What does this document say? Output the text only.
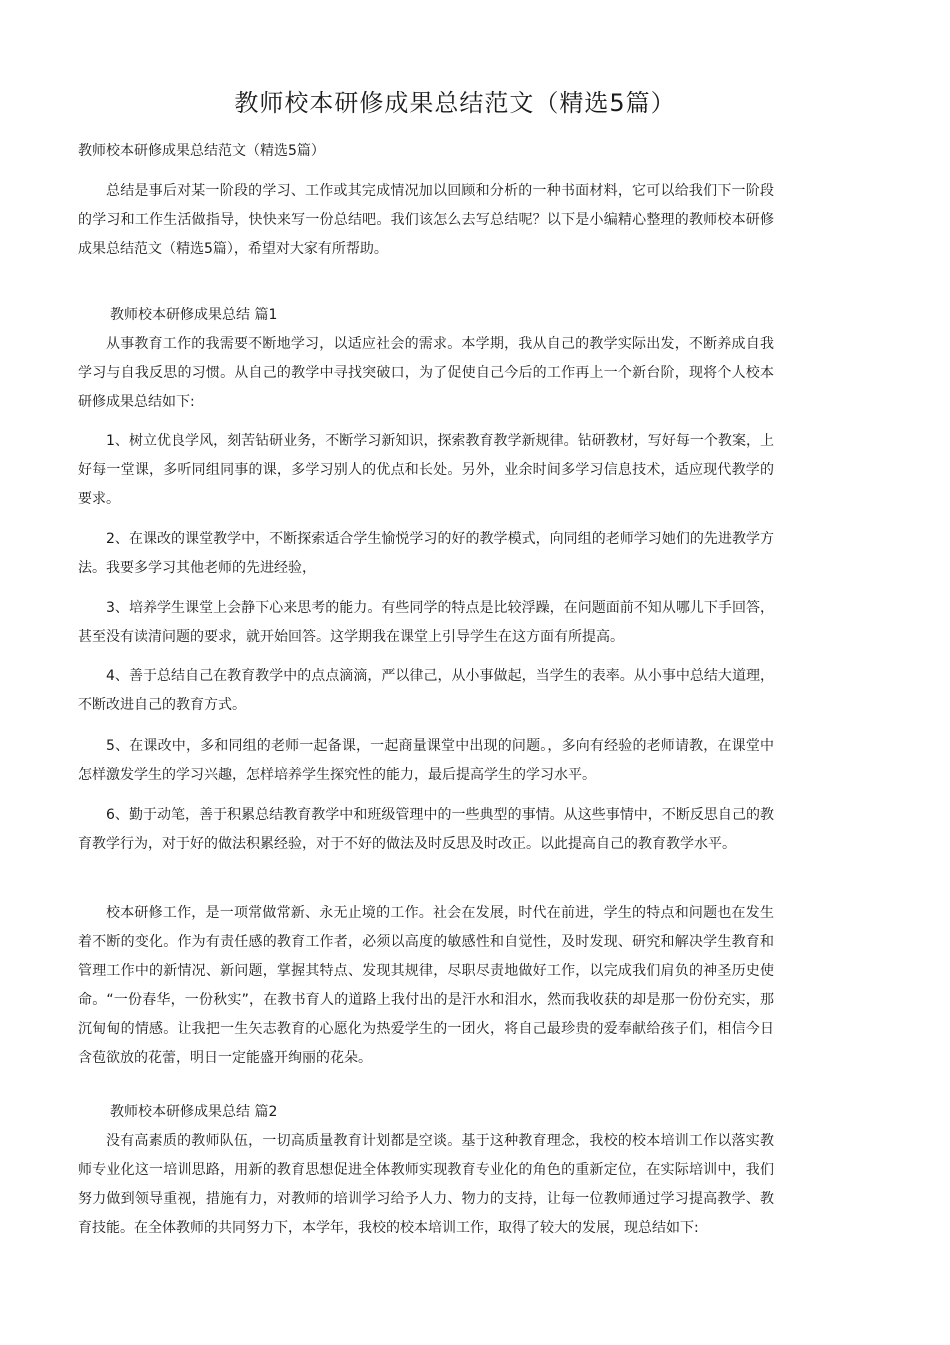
教师校本研修成果总结范文（精选5篇）

教师校本研修成果总结范文（精选5篇）

总结是事后对某一阶段的学习、工作或其完成情况加以回顾和分析的一种书面材料，它可以给我们下一阶段的学习和工作生活做指导，快快来写一份总结吧。我们该怎么去写总结呢？以下是小编精心整理的教师校本研修成果总结范文（精选5篇），希望对大家有所帮助。

教师校本研修成果总结 篇1

从事教育工作的我需要不断地学习，以适应社会的需求。本学期，我从自己的教学实际出发，不断养成自我学习与自我反思的习惯。从自己的教学中寻找突破口，为了促使自己今后的工作再上一个新台阶，现将个人校本研修成果总结如下:

1、树立优良学风，刻苦钻研业务，不断学习新知识，探索教育教学新规律。钻研教材，写好每一个教案，上好每一堂课，多听同组同事的课，多学习别人的优点和长处。另外，业余时间多学习信息技术，适应现代教学的要求。

2、在课改的课堂教学中，不断探索适合学生愉悦学习的好的教学模式，向同组的老师学习她们的先进教学方法。我要多学习其他老师的先进经验，

3、培养学生课堂上会静下心来思考的能力。有些同学的特点是比较浮躁，在问题面前不知从哪儿下手回答，甚至没有读清问题的要求，就开始回答。这学期我在课堂上引导学生在这方面有所提高。

4、善于总结自己在教育教学中的点点滴滴，严以律己，从小事做起，当学生的表率。从小事中总结大道理，不断改进自己的教育方式。

5、在课改中，多和同组的老师一起备课，一起商量课堂中出现的问题。，多向有经验的老师请教，在课堂中怎样激发学生的学习兴趣，怎样培养学生探究性的能力，最后提高学生的学习水平。

6、勤于动笔，善于积累总结教育教学中和班级管理中的一些典型的事情。从这些事情中，不断反思自己的教育教学行为，对于好的做法积累经验，对于不好的做法及时反思及时改正。以此提高自己的教育教学水平。

校本研修工作，是一项常做常新、永无止境的工作。社会在发展，时代在前进，学生的特点和问题也在发生着不断的变化。作为有责任感的教育工作者，必须以高度的敏感性和自觉性，及时发现、研究和解决学生教育和管理工作中的新情况、新问题，掌握其特点、发现其规律，尽职尽责地做好工作，以完成我们肩负的神圣历史使命。“一份春华，一份秋实”，在教书育人的道路上我付出的是汗水和泪水，然而我收获的却是那一份份充实，那沉甸甸的情感。让我把一生矢志教育的心愿化为热爱学生的一团火，将自己最珍贵的爱奉献给孩子们，相信今日含苞欲放的花蕾，明日一定能盛开绚丽的花朵。

教师校本研修成果总结 篇2

没有高素质的教师队伍，一切高质量教育计划都是空谈。基于这种教育理念，我校的校本培训工作以落实教师专业化这一培训思路，用新的教育思想促进全体教师实现教育专业化的角色的重新定位，在实际培训中，我们努力做到领导重视，措施有力，对教师的培训学习给予人力、物力的支持，让每一位教师通过学习提高教学、教育技能。在全体教师的共同努力下，本学年，我校的校本培训工作，取得了较大的发展，现总结如下:
